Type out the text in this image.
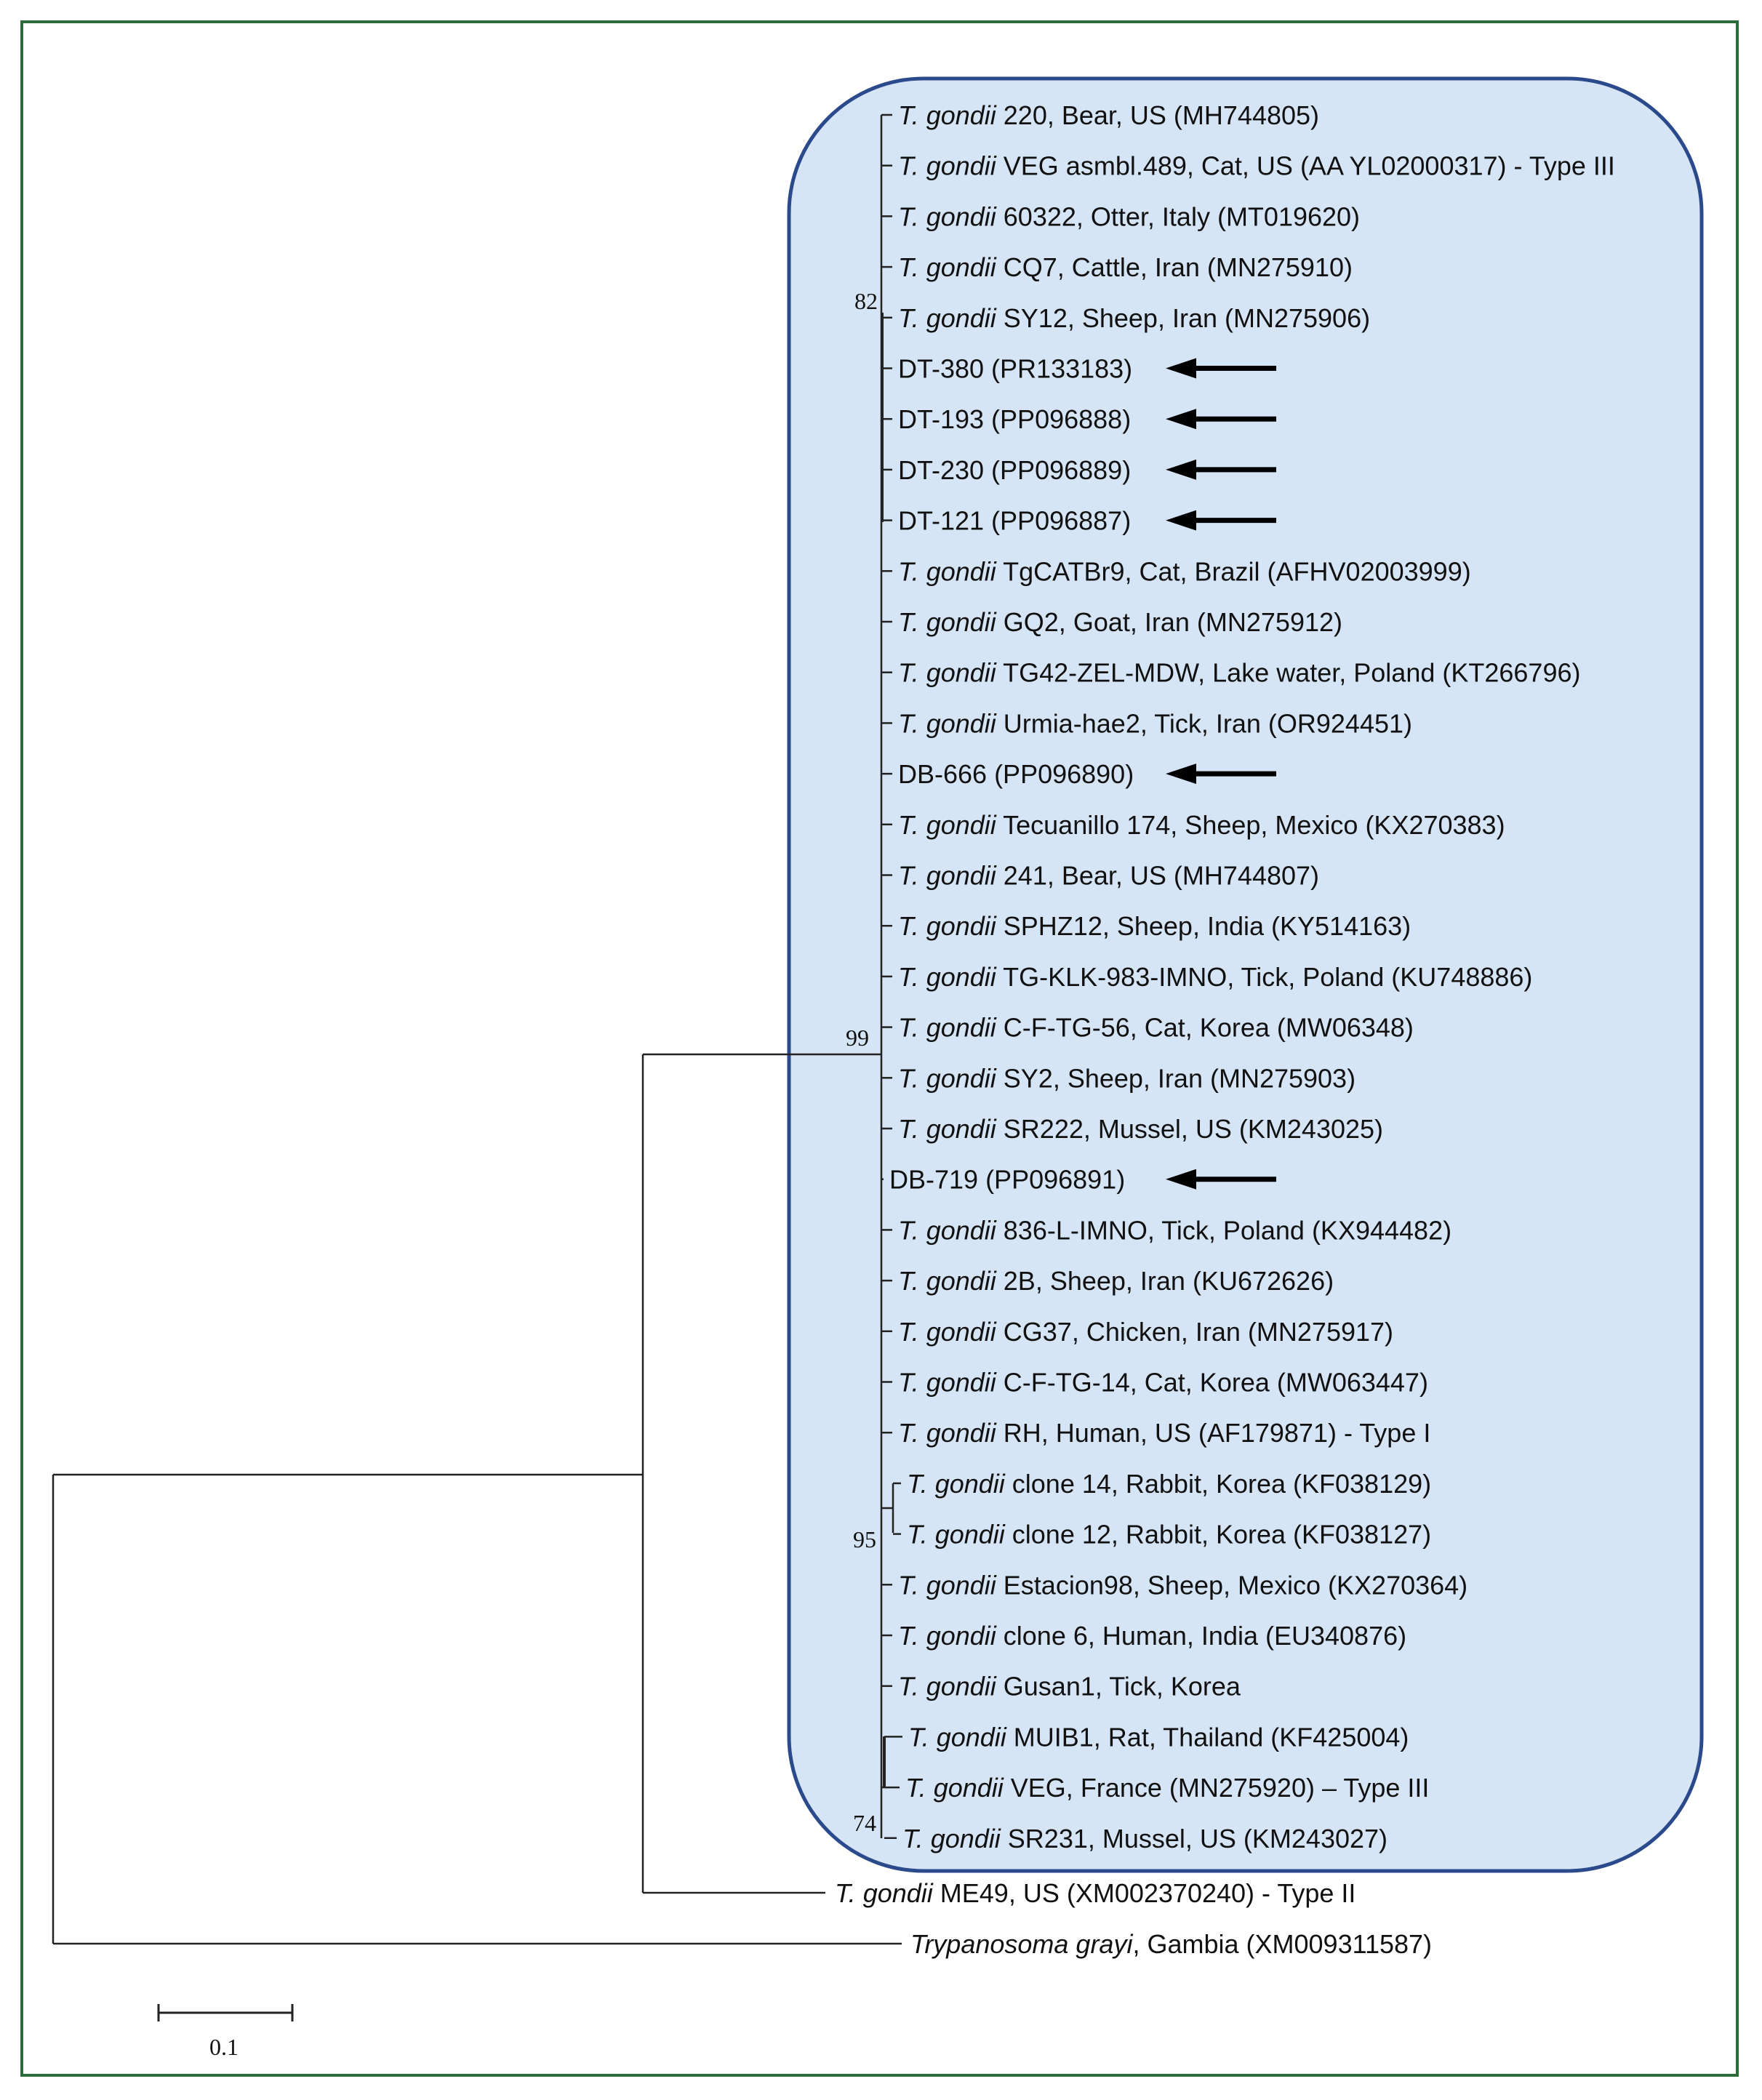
T. gondii 220, Bear, US (MH744805)
T. gondii VEG asmbl.489, Cat, US (AA YL02000317) - Type III
T. gondii 60322, Otter, Italy (MT019620)
T. gondii CQ7, Cattle, Iran (MN275910)
T. gondii SY12, Sheep, Iran (MN275906)
DT-380 (PR133183)
DT-193 (PP096888)
DT-230 (PP096889)
DT-121 (PP096887)
T. gondii TgCATBr9, Cat, Brazil (AFHV02003999)
T. gondii GQ2, Goat, Iran (MN275912)
T. gondii TG42-ZEL-MDW, Lake water, Poland (KT266796)
T. gondii Urmia-hae2, Tick, Iran (OR924451)
DB-666 (PP096890)
T. gondii Tecuanillo 174, Sheep, Mexico (KX270383)
T. gondii 241, Bear, US (MH744807)
T. gondii SPHZ12, Sheep, India (KY514163)
T. gondii TG-KLK-983-IMNO, Tick, Poland (KU748886)
T. gondii C-F-TG-56, Cat, Korea (MW06348)
T. gondii SY2, Sheep, Iran (MN275903)
T. gondii SR222, Mussel, US (KM243025)
DB-719 (PP096891)
T. gondii 836-L-IMNO, Tick, Poland (KX944482)
T. gondii 2B, Sheep, Iran (KU672626)
T. gondii CG37, Chicken, Iran (MN275917)
T. gondii C-F-TG-14, Cat, Korea (MW063447)
T. gondii RH, Human, US (AF179871) - Type I
T. gondii clone 14, Rabbit, Korea (KF038129)
T. gondii clone 12, Rabbit, Korea (KF038127)
T. gondii Estacion98, Sheep, Mexico (KX270364)
T. gondii clone 6, Human, India (EU340876)
T. gondii Gusan1, Tick, Korea
T. gondii MUIB1, Rat, Thailand (KF425004)
T. gondii VEG, France (MN275920) – Type III
T. gondii SR231, Mussel, US (KM243027)
82
99
95
74
T. gondii ME49, US (XM002370240) - Type II
Trypanosoma grayi, Gambia (XM009311587)
0.1
